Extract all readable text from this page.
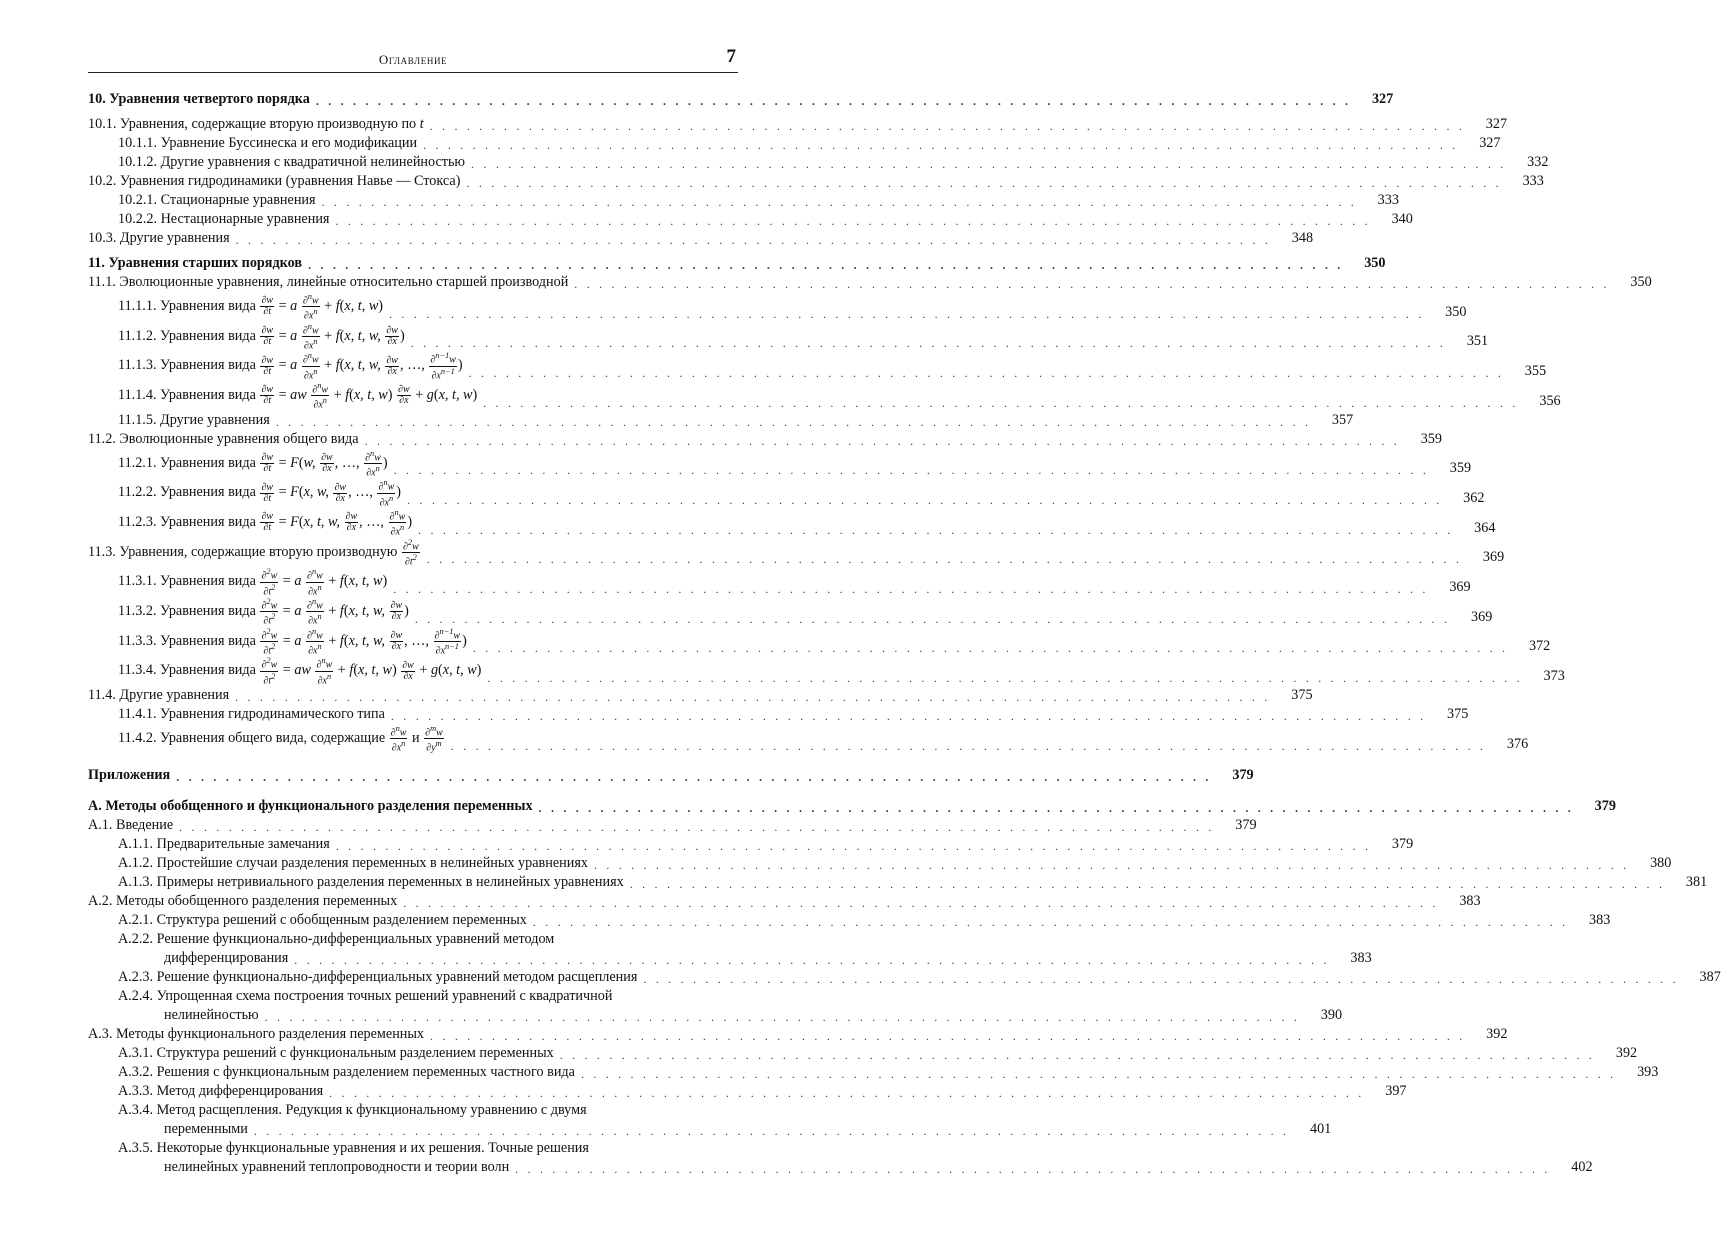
Оглавление	7
10. Уравнения четвертого порядка . . .	327
10.1. Уравнения, содержащие вторую производную по t . . .	327
10.1.1. Уравнение Буссинеска и его модификации . . .	327
10.1.2. Другие уравнения с квадратичной нелинейностью . . .	332
10.2. Уравнения гидродинамики (уравнения Навье — Стокса) . . .	333
10.2.1. Стационарные уравнения . . .	333
10.2.2. Нестационарные уравнения . . .	340
10.3. Другие уравнения . . .	348
11. Уравнения старших порядков . . .	350
11.1. Эволюционные уравнения, линейные относительно старшей производной . . .	350
11.1.1. Уравнения вида $\frac{\partial w}{\partial t} = a \frac{\partial^nw}{\partial x^n} + f(x$, t, w) . . .	350
11.1.2. Уравнения вида $\frac{\partial w}{\partial t} = a \frac{\partial^nw}{\partial x^n} + f(x$, t, w, $\frac{\partial w}{\partial x}$ ) . . .	351
11.1.3. Уравнения вида $\frac{\partial w}{\partial t} = a \frac{\partial^nw}{\partial x^n} + f(x$, t, w, $\frac{\partial w}{\partial x}$ , …, $\frac{\partial^{n-1}w}{\partial x^{n-1}}$ ) . . .	355
11.1.4. Уравнения вида $\frac{\partial w}{\partial t}$ = aw $\frac{\partial^nw}{\partial x^n} + f(x$, t, $w) \frac{\partial w}{\partial x} + g(x$, t, w) . . .	356
11.1.5. Другие уравнения . . .	357
11.2. Эволюционные уравнения общего вида . . .	359
11.2.1. Уравнения вида $\frac{\partial w}{\partial t} = F(w$, $\frac{\partial w}{\partial x}$ , …, $\frac{\partial^nw}{\partial x^n}$ ) . . .	359
11.2.2. Уравнения вида $\frac{\partial w}{\partial t} = F(x$, w, $\frac{\partial w}{\partial x}$ , …, $\frac{\partial^nw}{\partial x^n}$ ) . . .	362
11.2.3. Уравнения вида $\frac{\partial w}{\partial t} = F(x$, t, w, $\frac{\partial w}{\partial x}$ , …, $\frac{\partial^nw}{\partial x^n}$ ) . . .	364
11.3. Уравнения, содержащие вторую производную $\frac{\partial^2w}{\partial t^2}$ . . .	369
11.3.1. Уравнения вида $\frac{\partial^2w}{\partial t^2} = a \frac{\partial^nw}{\partial x^n} + f(x$, t, w) . . .	369
11.3.2. Уравнения вида $\frac{\partial^2w}{\partial t^2} = a \frac{\partial^nw}{\partial x^n} + f(x$, t, w, $\frac{\partial w}{\partial x}$ ) . . .	369
11.3.3. Уравнения вида $\frac{\partial^2w}{\partial t^2} = a \frac{\partial^nw}{\partial x^n} + f(x$, t, w, $\frac{\partial w}{\partial x}$ , …, $\frac{\partial^{n-1}w}{\partial x^{n-1}}$ ) . . .	372
11.3.4. Уравнения вида $\frac{\partial^2w}{\partial t^2}$ = aw $\frac{\partial^nw}{\partial x^n} + f(x$, t, $w) \frac{\partial w}{\partial x} + g(x$, t, w) . . .	373
11.4. Другие уравнения . . .	375
11.4.1. Уравнения гидродинамического типа . . .	375
11.4.2. Уравнения общего вида, содержащие $\frac{\partial^nw}{\partial x^n}$ и $\frac{\partial^mw}{\partial y^m}$ . . .	376
Приложения . . .	379
A. Методы обобщенного и функционального разделения переменных . . .	379
A.1. Введение . . .	379
A.1.1. Предварительные замечания . . .	379
A.1.2. Простейшие случаи разделения переменных в нелинейных уравнениях . . .	380
A.1.3. Примеры нетривиального разделения переменных в нелинейных уравнениях . . .	381
A.2. Методы обобщенного разделения переменных . . .	383
A.2.1. Структура решений с обобщенным разделением переменных . . .	383
A.2.2. Решение функционально-дифференциальных уравнений методом
дифференцирования . . .	383
A.2.3. Решение функционально-дифференциальных уравнений методом расщепления . . .	387
A.2.4. Упрощенная схема построения точных решений уравнений с квадратичной
нелинейностью . . .	390
A.3. Методы функционального разделения переменных . . .	392
A.3.1. Структура решений с функциональным разделением переменных . . .	392
A.3.2. Решения с функциональным разделением переменных частного вида . . .	393
A.3.3. Метод дифференцирования . . .	397
A.3.4. Метод расщепления. Редукция к функциональному уравнению с двумя
переменными . . .	401
A.3.5. Некоторые функциональные уравнения и их решения. Точные решения
нелинейных уравнений теплопроводности и теории волн . . .	402
